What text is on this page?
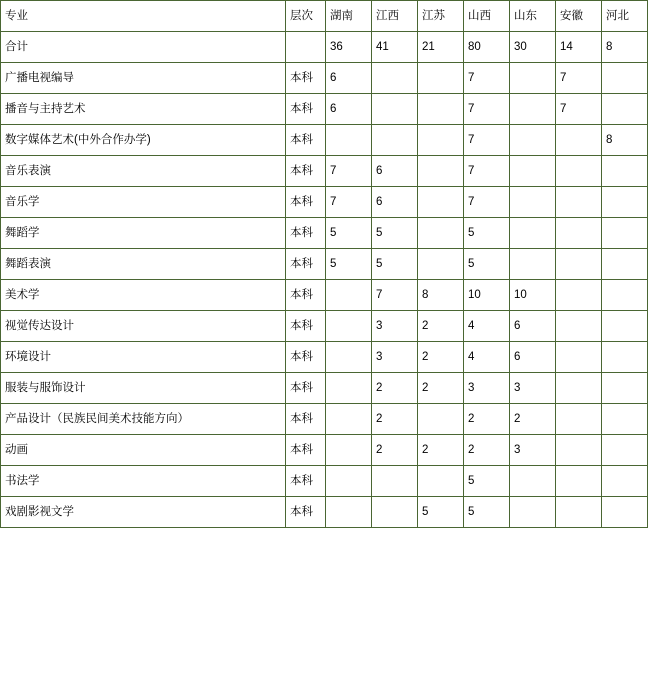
专业	层次	湖南	江西	江苏	山西	山东	安徽	河北
合计		36	41	21	80	30	14	8
广播电视编导	本科	6			7		7	
播音与主持艺术	本科	6			7		7	
数字媒体艺术(中外合作办学)	本科				7			8
音乐表演	本科	7	6		7			
音乐学	本科	7	6		7			
舞蹈学	本科	5	5		5			
舞蹈表演	本科	5	5		5			
美术学	本科		7	8	10	10		
视觉传达设计	本科		3	2	4	6		
环境设计	本科		3	2	4	6		
服装与服饰设计	本科		2	2	3	3		
产品设计（民族民间美术技能方向）	本科		2		2	2		
动画	本科		2	2	2	3		
书法学	本科				5			
戏剧影视文学	本科			5	5			
